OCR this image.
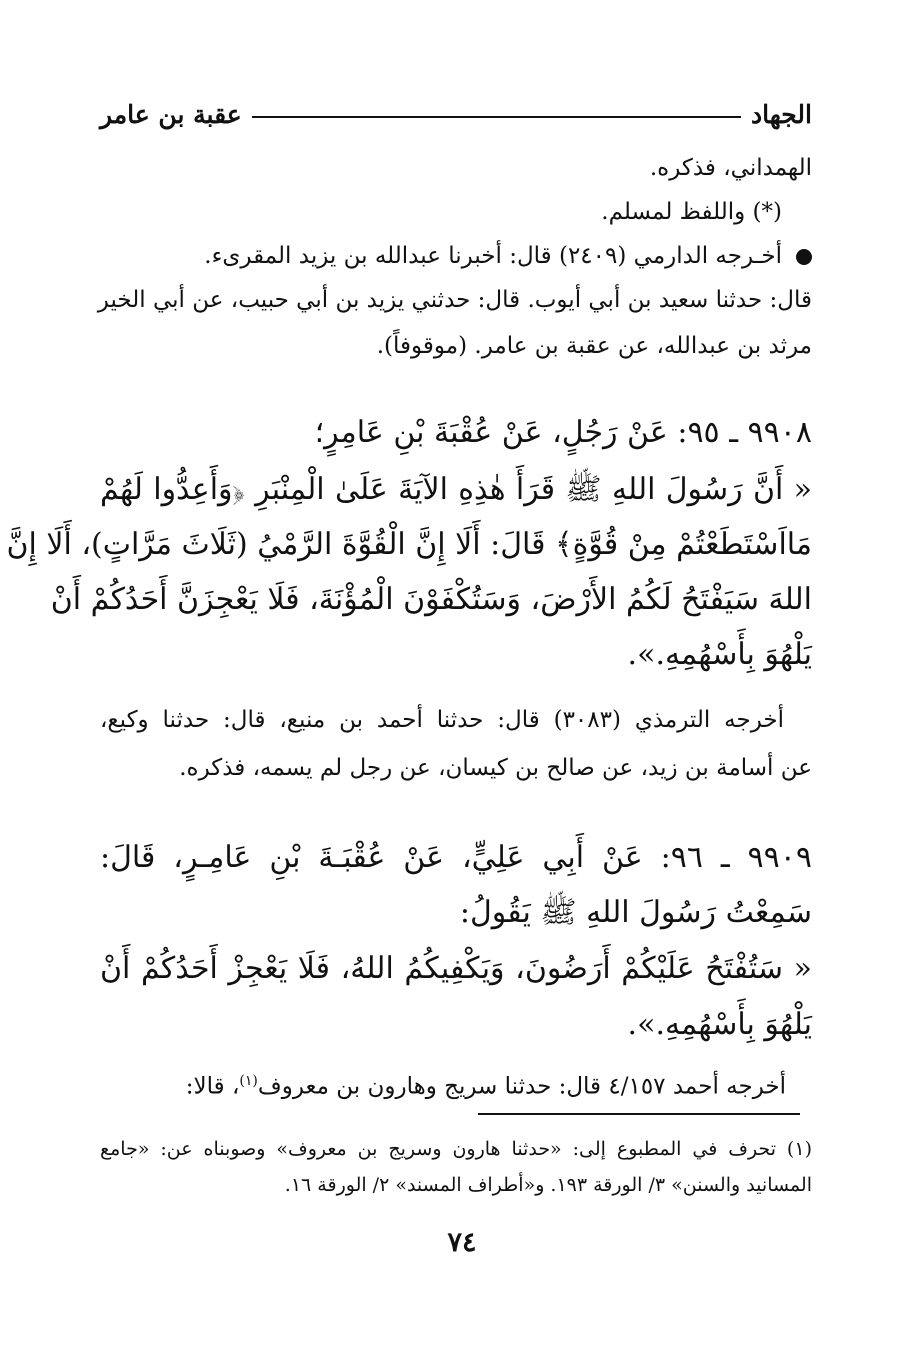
الجهاد
عقبة بن عامر
الهمداني، فذكره.
(*) واللفظ لمسلم.
أخـرجه الدارمي (٢٤٠٩) قال: أخبرنا عبدالله بن يزيد المقرىء.
قال: حدثنا سعيد بن أبي أيوب. قال: حدثني يزيد بن أبي حبيب، عن أبي الخير
مرثد بن عبدالله، عن عقبة بن عامر. (موقوفاً).
٩٩٠٨ ـ ٩٥: عَنْ رَجُلٍ، عَنْ عُقْبَةَ بْنِ عَامِرٍ؛
« أَنَّ رَسُولَ اللهِ ﷺ قَرَأَ هٰذِهِ الآيَةَ عَلَىٰ الْمِنْبَرِ ﴿وَأَعِدُّوا لَهُمْ
مَااَسْتَطَعْتُمْ مِنْ قُوَّةٍ﴾ قَالَ: أَلَا إِنَّ الْقُوَّةَ الرَّمْيُ (ثَلَاثَ مَرَّاتٍ)، أَلَا إِنَّ
اللهَ سَيَفْتَحُ لَكُمُ الأَرْضَ، وَسَتُكْفَوْنَ الْمُؤْنَةَ، فَلَا يَعْجِزَنَّ أَحَدُكُمْ أَنْ
يَلْهُوَ بِأَسْهُمِهِ.».
أخرجه الترمذي (٣٠٨٣) قال: حدثنا أحمد بن منيع، قال: حدثنا وكيع،
عن أسامة بن زيد، عن صالح بن كيسان، عن رجل لم يسمه، فذكره.
٩٩٠٩ ـ ٩٦: عَنْ أَبِي عَلِيٍّ، عَنْ عُقْبَـةَ بْنِ عَامِـرٍ، قَالَ:
سَمِعْتُ رَسُولَ اللهِ ﷺ يَقُولُ:
« سَتُفْتَحُ عَلَيْكُمْ أَرَضُونَ، وَيَكْفِيكُمُ اللهُ، فَلَا يَعْجِزْ أَحَدُكُمْ أَنْ
يَلْهُوَ بِأَسْهُمِهِ.».
أخرجه أحمد ٤/١٥٧ قال: حدثنا سريج وهارون بن معروف$^{(١)}$، قالا:
(١) تحرف في المطبوع إلى: «حدثنا هارون وسريج بن معروف» وصوبناه عن: «جامع
المسانيد والسنن» ٣/ الورقة ١٩٣. و«أطراف المسند» ٢/ الورقة ١٦.
٧٤
